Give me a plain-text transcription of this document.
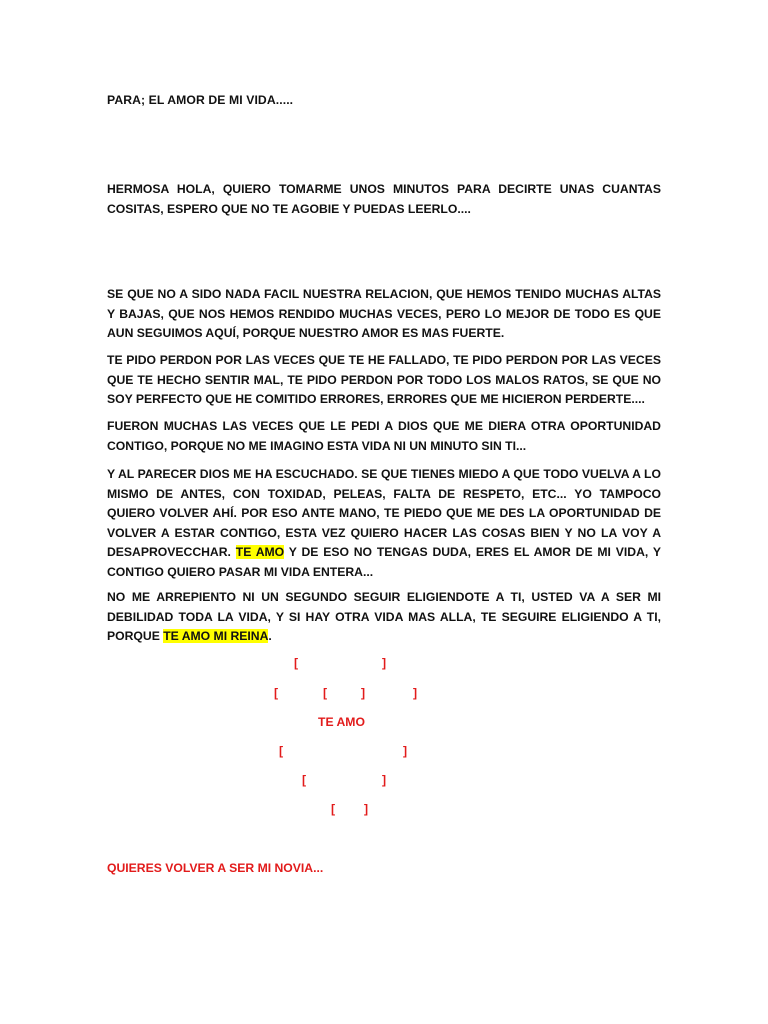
PARA; EL AMOR DE MI VIDA.....

HERMOSA HOLA, QUIERO TOMARME UNOS MINUTOS PARA DECIRTE UNAS CUANTAS COSITAS, ESPERO QUE NO TE AGOBIE Y PUEDAS LEERLO....

SE QUE NO A SIDO NADA FACIL NUESTRA RELACION, QUE HEMOS TENIDO MUCHAS ALTAS Y BAJAS, QUE NOS HEMOS RENDIDO MUCHAS VECES, PERO LO MEJOR DE TODO ES QUE AUN SEGUIMOS AQUÍ, PORQUE NUESTRO AMOR ES MAS FUERTE.

TE PIDO PERDON POR LAS VECES QUE TE HE FALLADO, TE PIDO PERDON POR LAS VECES QUE TE HECHO SENTIR MAL, TE PIDO PERDON POR TODO LOS MALOS RATOS, SE QUE NO SOY PERFECTO QUE HE COMITIDO ERRORES, ERRORES QUE ME HICIERON PERDERTE....

FUERON MUCHAS LAS VECES QUE LE PEDI A DIOS QUE ME DIERA OTRA OPORTUNIDAD CONTIGO, PORQUE NO ME IMAGINO ESTA VIDA NI UN MINUTO SIN TI...

Y AL PARECER DIOS ME HA ESCUCHADO. SE QUE TIENES MIEDO A QUE TODO VUELVA A LO MISMO DE ANTES, CON TOXIDAD, PELEAS, FALTA DE RESPETO, ETC... YO TAMPOCO QUIERO VOLVER AHÍ. POR ESO ANTE MANO, TE PIEDO QUE ME DES LA OPORTUNIDAD DE VOLVER A ESTAR CONTIGO, ESTA VEZ QUIERO HACER LAS COSAS BIEN Y NO LA VOY A DESAPROVECCHAR. TE AMO Y DE ESO NO TENGAS DUDA, ERES EL AMOR DE MI VIDA, Y CONTIGO QUIERO PASAR MI VIDA ENTERA...

NO ME ARREPIENTO NI UN SEGUNDO SEGUIR ELIGIENDOTE A TI, USTED VA A SER MI DEBILIDAD TODA LA VIDA, Y SI HAY OTRA VIDA MAS ALLA, TE SEGUIRE ELIGIENDO A TI, PORQUE TE AMO MI REINA.

[	]
[	[	]	]
TE AMO
[	]
[	]
[ ]
QUIERES VOLVER A SER MI NOVIA...
